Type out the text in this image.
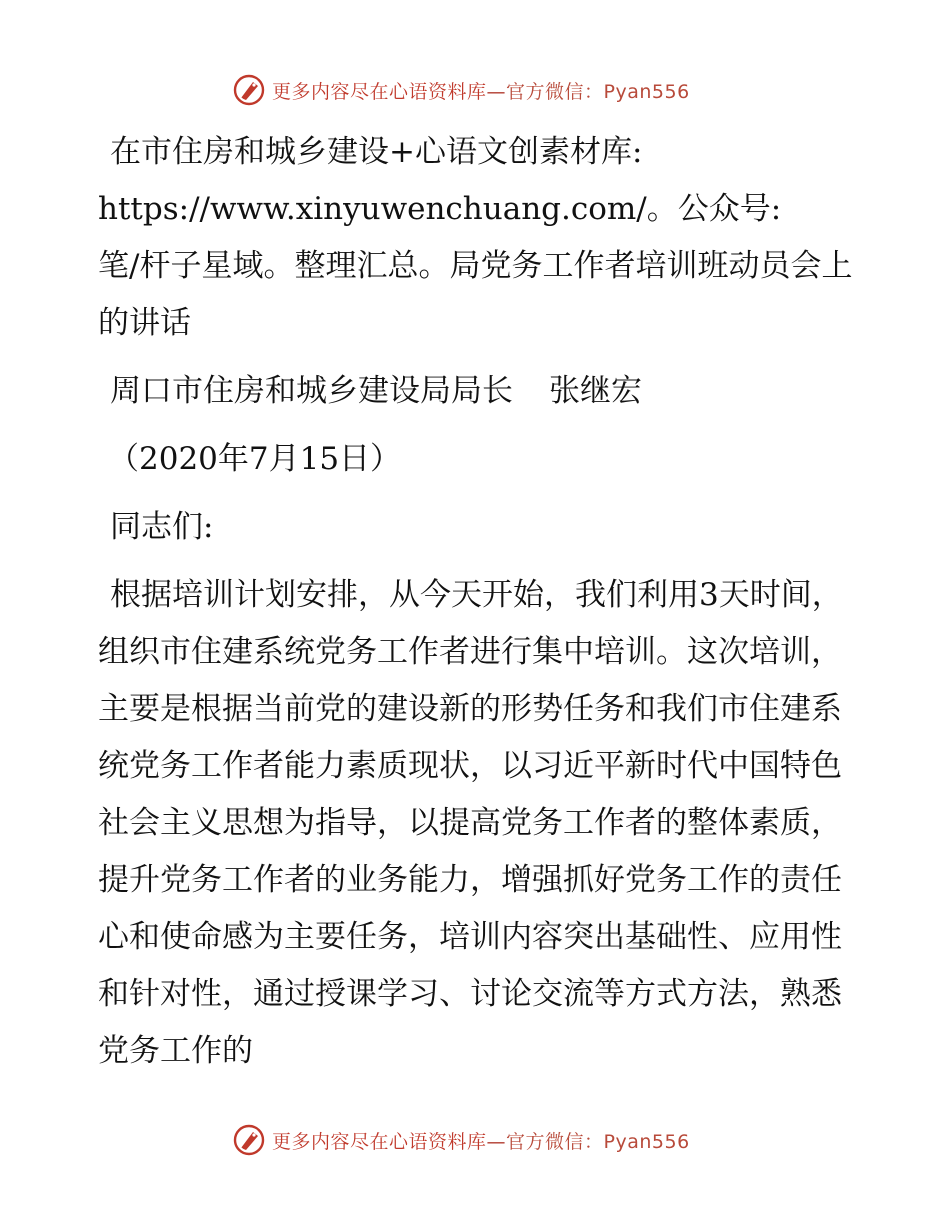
更多内容尽在心语资料库—官方微信：Pyan556

在市住房和城乡建设+心语文创素材库:
https://www.xinyuwenchuang.com/。公众号:
笔/杆子星域。整理汇总。局党务工作者培训班动员会上的讲话

周口市住房和城乡建设局局长 张继宏

（2020年7月15日）

同志们:

根据培训计划安排，从今天开始，我们利用3天时间，组织市住建系统党务工作者进行集中培训。这次培训，主要是根据当前党的建设新的形势任务和我们市住建系统党务工作者能力素质现状，以习近平新时代中国特色社会主义思想为指导，以提高党务工作者的整体素质，提升党务工作者的业务能力，增强抓好党务工作的责任心和使命感为主要任务，培训内容突出基础性、应用性和针对性，通过授课学习、讨论交流等方式方法，熟悉党务工作的

更多内容尽在心语资料库—官方微信：Pyan556
